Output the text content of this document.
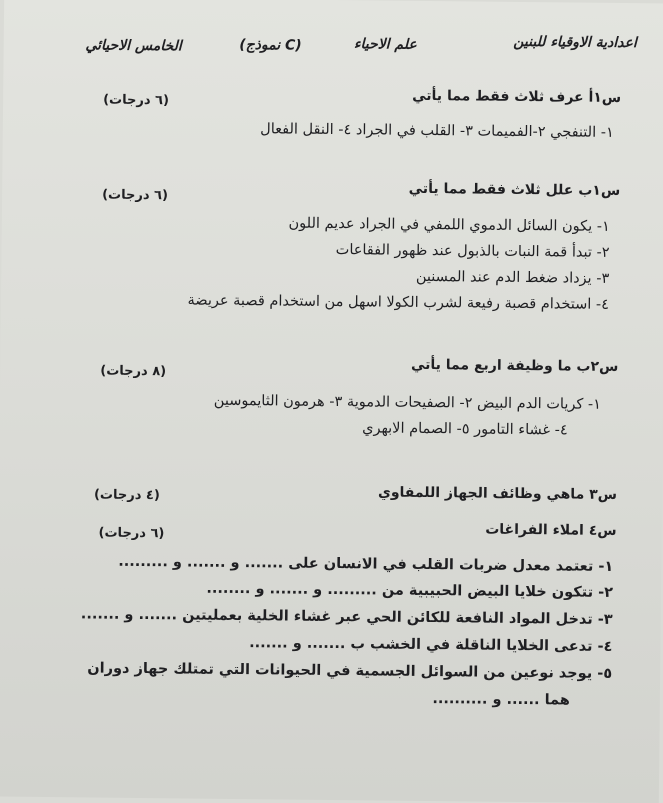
اعدادية الاوقياء للبنين
علم الاحياء
(نموذج C)
الخامس الاحيائي
س١أ عرف ثلاث فقط مما يأتي
(٦ درجات)
١- التنفجي ٢-الفميمات ٣- القلب في الجراد ٤- النقل الفعال
س١ب علل ثلاث فقط مما يأتي
(٦ درجات)
١- يكون السائل الدموي اللمفي في الجراد عديم اللون
٢- تبدأ قمة النبات بالذبول عند ظهور الفقاعات
٣- يزداد ضغط الدم عند المسنين
٤- استخدام قصبة رفيعة لشرب الكولا اسهل من استخدام قصبة عريضة
س٢ب ما وظيفة اربع مما يأتي
(٨ درجات)
١- كريات الدم البيض ٢- الصفيحات الدموية ٣- هرمون الثايموسين
٤- غشاء التامور ٥- الصمام الابهري
س٣ ماهي وظائف الجهاز اللمفاوي
(٤ درجات)
س٤ املاء الفراغات
(٦ درجات)
١- تعتمد معدل ضربات القلب في الانسان على ....... و ....... و .........
٢- تتكون خلايا البيض الحبيبية من ......... و ....... و ........
٣- تدخل المواد النافعة للكائن الحي عبر غشاء الخلية بعمليتين ....... و .......
٤- تدعى الخلايا الناقلة في الخشب ب ....... و .......
٥- يوجد نوعين من السوائل الجسمية في الحيوانات التي تمتلك جهاز دوران
هما ...... و ..........
